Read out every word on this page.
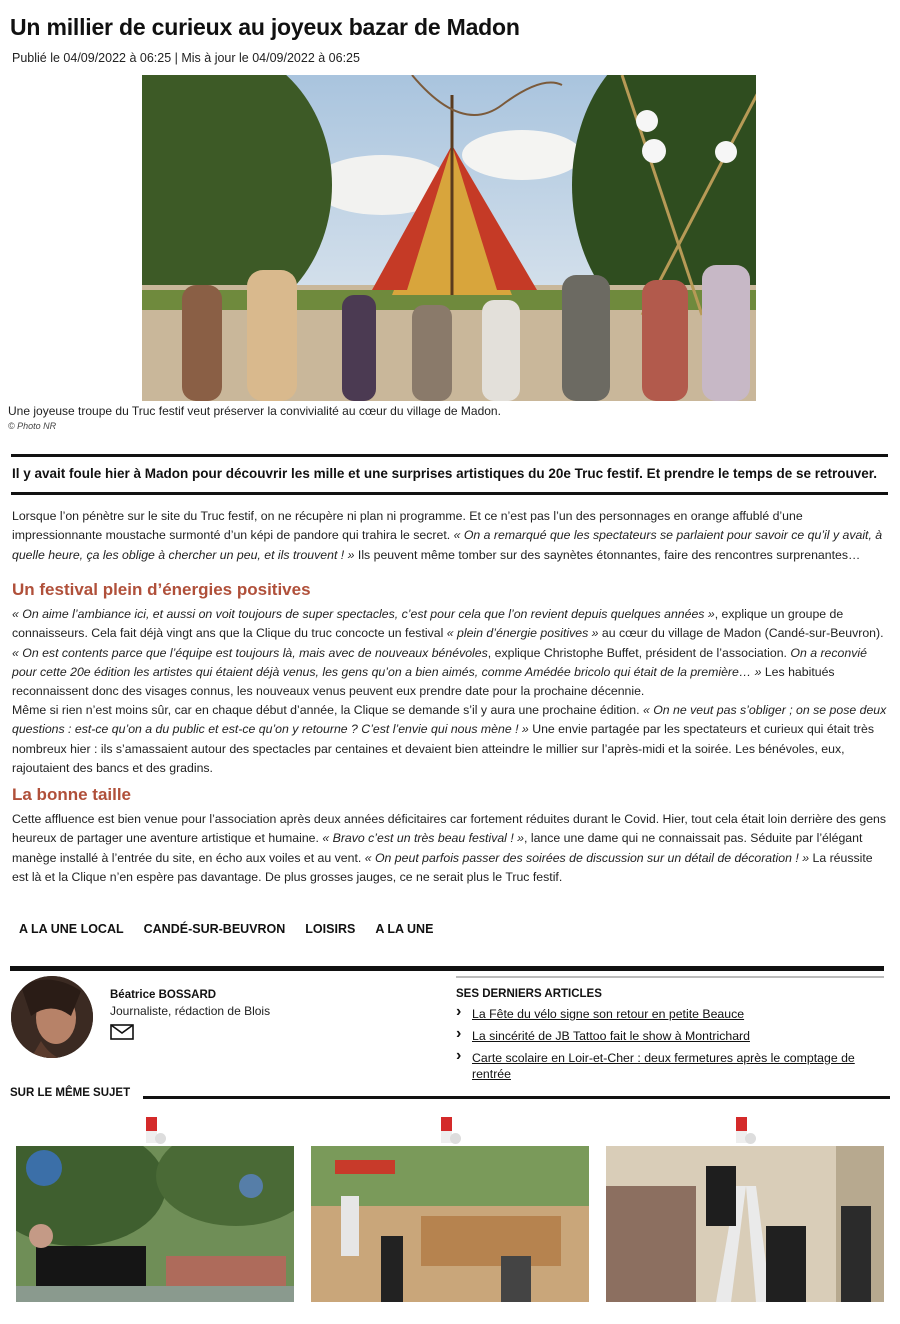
Un millier de curieux au joyeux bazar de Madon
Publié le 04/09/2022 à 06:25 | Mis à jour le 04/09/2022 à 06:25
Une joyeuse troupe du Truc festif veut préserver la convivialité au cœur du village de Madon.
© Photo NR
Il y avait foule hier à Madon pour découvrir les mille et une surprises artistiques du 20e Truc festif. Et prendre le temps de se retrouver.

Lorsque l’on pénètre sur le site du Truc festif, on ne récupère ni plan ni programme. Et ce n’est pas l’un des personnages en orange affublé d’une impressionnante moustache surmonté d’un képi de pandore qui trahira le secret. « On a remarqué que les spectateurs se parlaient pour savoir ce qu’il y avait, à quelle heure, ça les oblige à chercher un peu, et ils trouvent ! » Ils peuvent même tomber sur des saynètes étonnantes, faire des rencontres surprenantes…

Un festival plein d’énergies positives

« On aime l’ambiance ici, et aussi on voit toujours de super spectacles, c’est pour cela que l’on revient depuis quelques années », explique un groupe de connaisseurs. Cela fait déjà vingt ans que la Clique du truc concocte un festival « plein d’énergie positives » au cœur du village de Madon (Candé-sur-Beuvron). « On est contents parce que l’équipe est toujours là, mais avec de nouveaux bénévoles, explique Christophe Buffet, président de l’association. On a reconvié pour cette 20e édition les artistes qui étaient déjà venus, les gens qu’on a bien aimés, comme Amédée bricolo qui était de la première… » Les habitués reconnaissent donc des visages connus, les nouveaux venus peuvent eux prendre date pour la prochaine décennie.

Même si rien n’est moins sûr, car en chaque début d’année, la Clique se demande s’il y aura une prochaine édition. « On ne veut pas s’obliger ; on se pose deux questions : est-ce qu’on a du public et est-ce qu’on y retourne ? C’est l’envie qui nous mène ! » Une envie partagée par les spectateurs et curieux qui était très nombreux hier : ils s’amassaient autour des spectacles par centaines et devaient bien atteindre le millier sur l’après-midi et la soirée. Les bénévoles, eux, rajoutaient des bancs et des gradins.

La bonne taille

Cette affluence est bien venue pour l’association après deux années déficitaires car fortement réduites durant le Covid. Hier, tout cela était loin derrière des gens heureux de partager une aventure artistique et humaine. « Bravo c’est un très beau festival ! », lance une dame qui ne connaissait pas. Séduite par l’élégant manège installé à l’entrée du site, en écho aux voiles et au vent. « On peut parfois passer des soirées de discussion sur un détail de décoration ! » La réussite est là et la Clique n’en espère pas davantage. De plus grosses jauges, ce ne serait plus le Truc festif.

A LA UNE LOCAL CANDÉ-SUR-BEUVRON LOISIRS A LA UNE
Béatrice BOSSARD
Journaliste, rédaction de Blois
SES DERNIERS ARTICLES
› La Fête du vélo signe son retour en petite Beauce
› La sincérité de JB Tattoo fait le show à Montrichard
› Carte scolaire en Loir-et-Cher : deux fermetures après le comptage de rentrée
SUR LE MÊME SUJET
